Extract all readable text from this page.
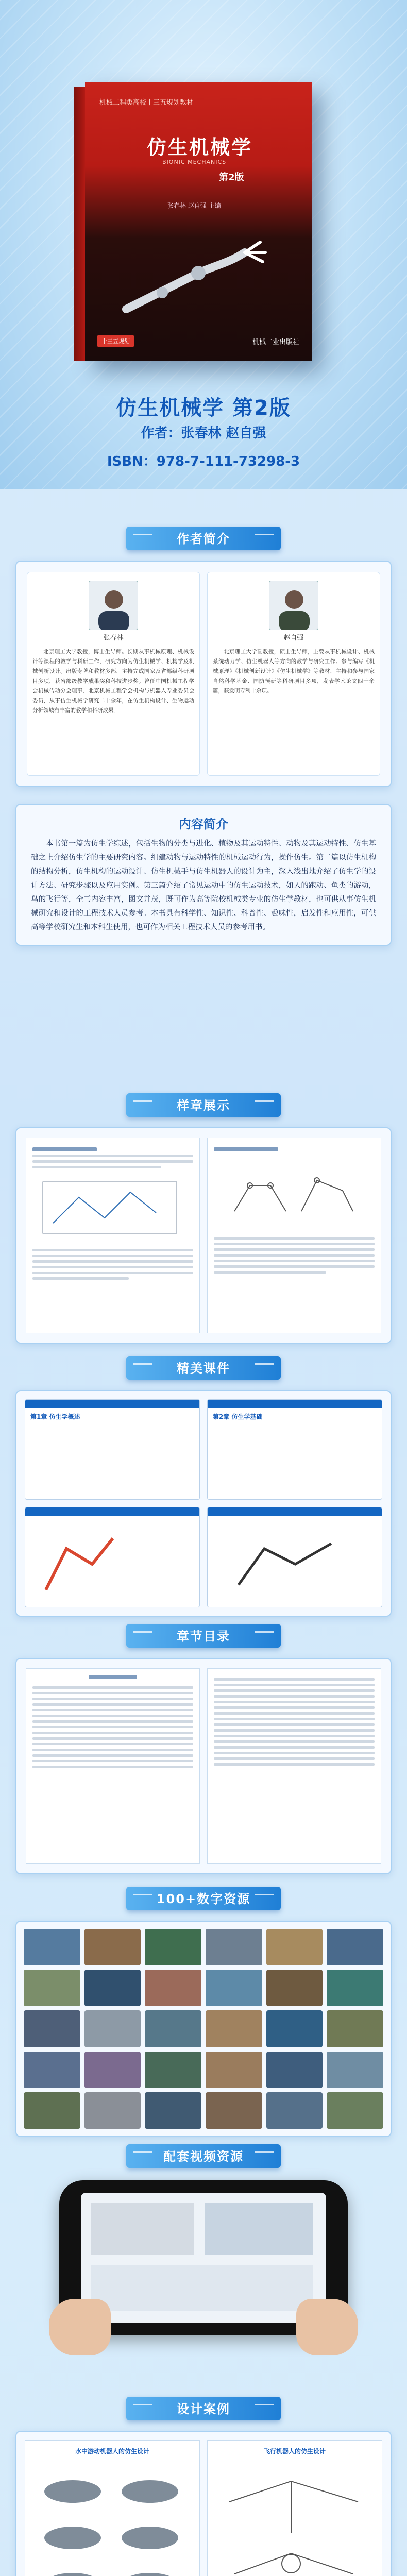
机械工程类高校十三五规划教材
仿生机械学
BIONIC MECHANICS
第2版
张春林 赵自强 主编
十三五规划	机械工业出版社
仿生机械学 第2版
作者：张春林 赵自强
ISBN：978-7-111-73298-3
作者简介
张春林
北京理工大学教授，博士生导师。长期从事机械原理、机械设计等课程的教学与科研工作，研究方向为仿生机械学、机构学及机械创新设计。出版专著和教材多部，主持完成国家及省部级科研项目多项，获省部级教学成果奖和科技进步奖。曾任中国机械工程学会机械传动分会理事、北京机械工程学会机构与机器人专业委员会委员，从事仿生机械学研究二十余年，在仿生机构设计、生物运动分析领域有丰富的教学和科研成果。
赵自强
北京理工大学副教授，硕士生导师，主要从事机械设计、机械系统动力学、仿生机器人等方向的教学与研究工作。参与编写《机械原理》《机械创新设计》《仿生机械学》等教材，主持和参与国家自然科学基金、国防预研等科研项目多项，发表学术论文四十余篇，获发明专利十余项。
内容简介
本书第一篇为仿生学综述，包括生物的分类与进化、植物及其运动特性、动物及其运动特性、仿生基础之上介绍仿生学的主要研究内容。组建动物与运动特性的机械运动行为，操作仿生。第二篇以仿生机构的结构分析，仿生机构的运动设计、仿生机械手与仿生机器人的设计为主，深入浅出地介绍了仿生学的设计方法、研究步骤以及应用实例。第三篇介绍了常见运动中的仿生运动技术，如人的跑动、鱼类的游动，鸟的飞行等，全书内容丰富，图文并茂，既可作为高等院校机械类专业的仿生学教材，也可供从事仿生机械研究和设计的工程技术人员参考。本书具有科学性、知识性、科普性、趣味性，启发性和应用性，可供高等学校研究生和本科生使用，也可作为相关工程技术人员的参考用书。
样章展示
精美课件
第1章 仿生学概述	第2章 仿生学基础
章节目录
100+数字资源
配套视频资源
设计案例
水中游动机器人的仿生设计	飞行机器人的仿生设计
